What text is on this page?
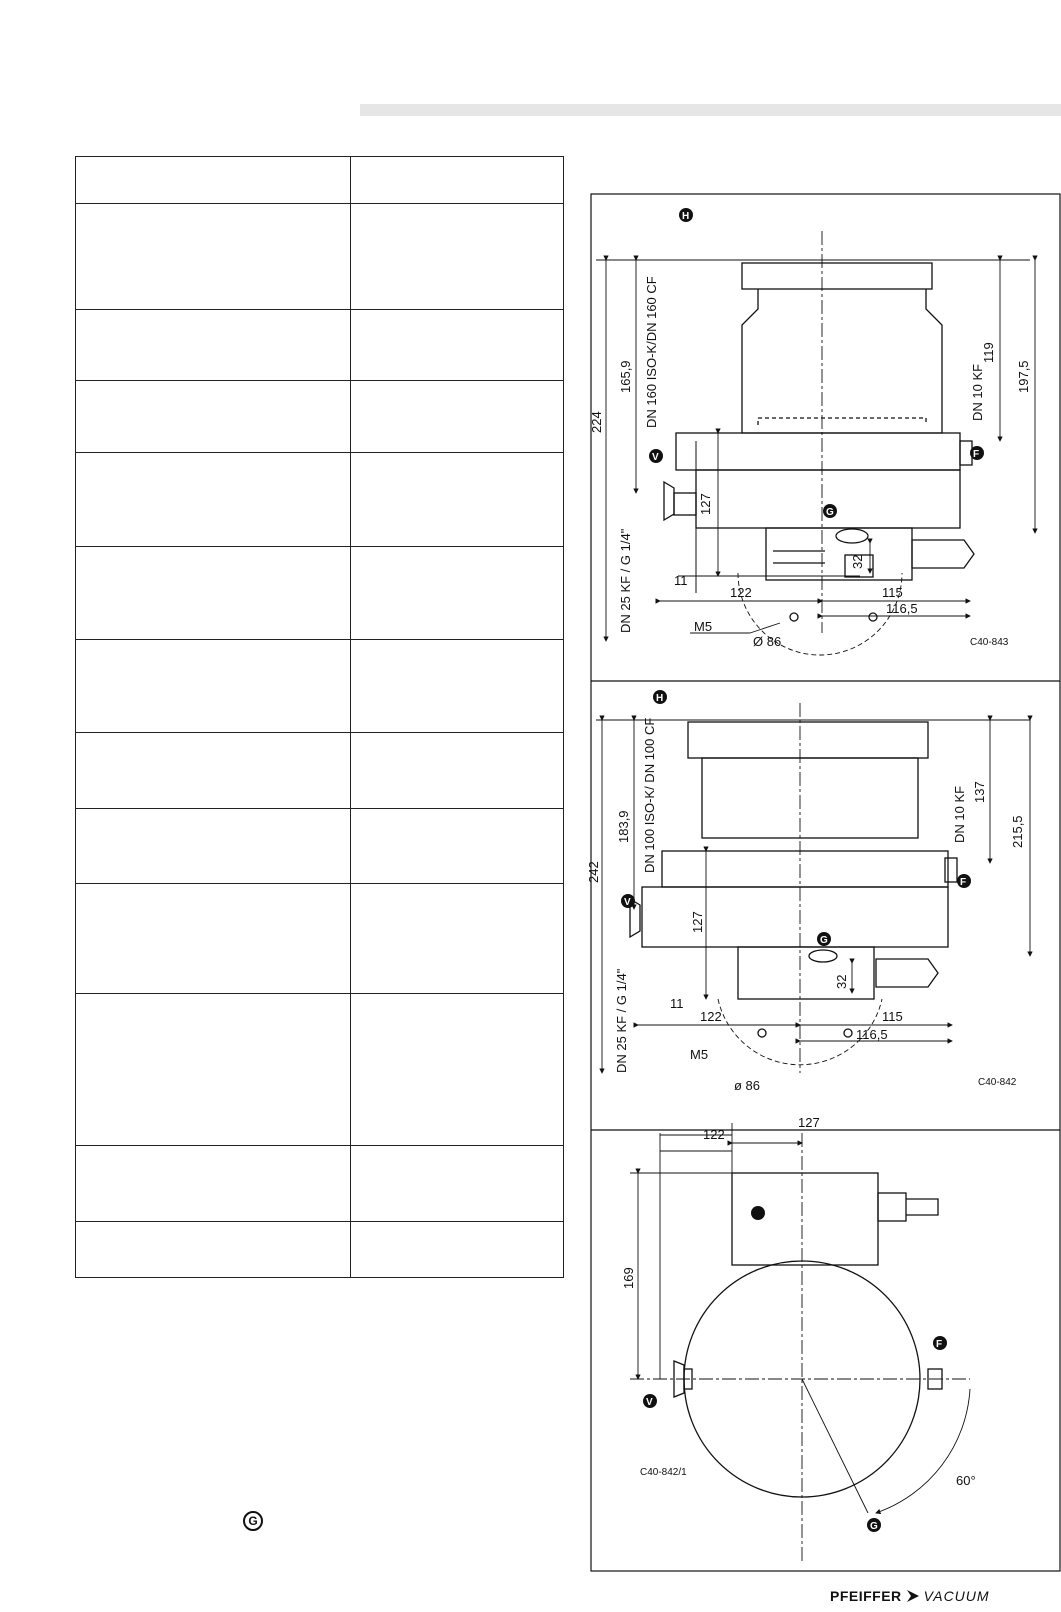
224
165,9 DN 160 ISO-K/DN 160 CF
DN 25 KF / G 1/4"
DN 10 KF
119
197,5
127
32
11
122	115
116,5
M5
Ø 86	C40-843
H
V
G
F
242
183,9 DN 100 ISO-K/ DN 100 CF
DN 25 KF / G 1/4"
DN 10 KF 137
215,5
127
32
11
122	115
116,5
M5
ø 86	C40-842
H
V
G
F
127
122
169
60°
C40-842/1
V
F
G
G
PFEIFFER VACUUM
